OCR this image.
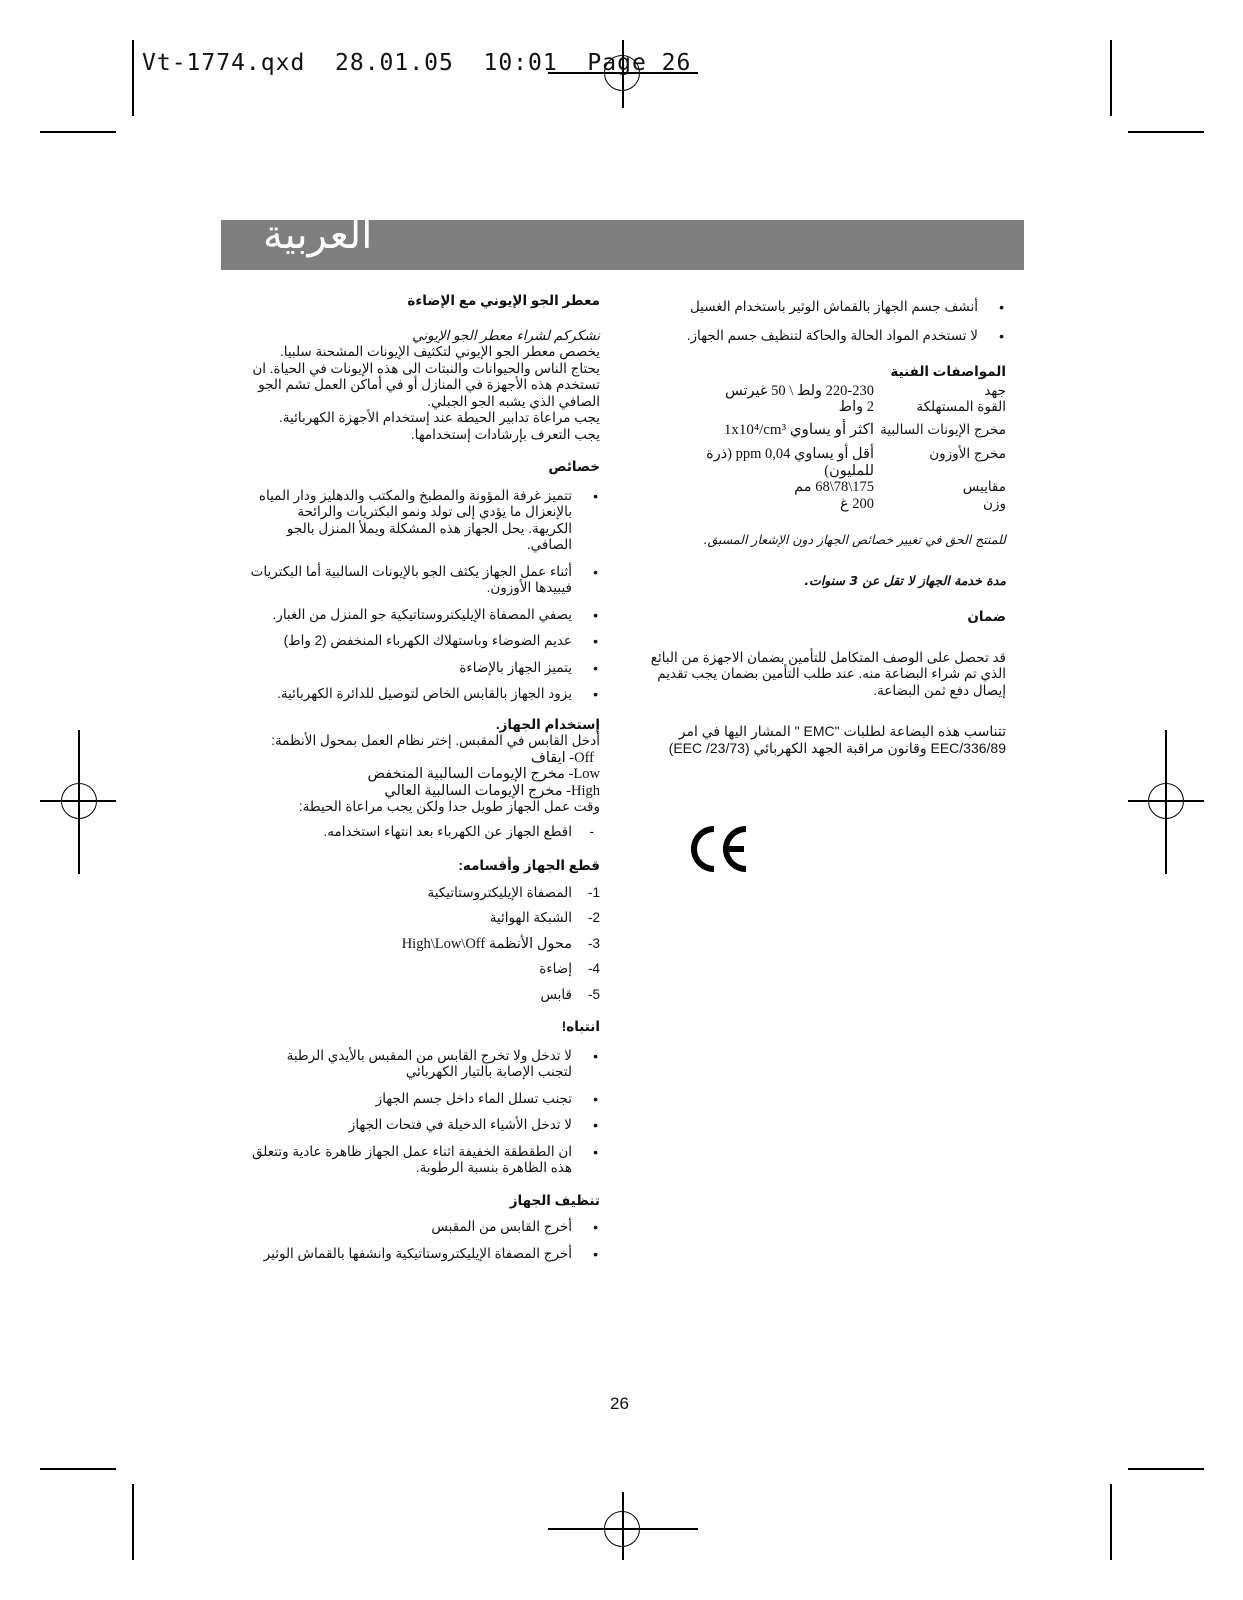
Vt-1774.qxd  28.01.05  10:01  Page 26
العربية
معطر الجو الإيوني مع الإضاءة
نشكركم لشراء معطر الجو الإيوني
يخصص معطر الجو الإيوني لتكثيف الإيونات المشحنة سلبيا. يحتاج الناس والحيوانات والنبتات الى هذه الإيونات في الحياة. ان تستخدم هذه الأجهزة في المنازل أو في أماكن العمل تشم الجو الصافي الذي يشبه الجو الجبلي.
يجب مراعاة تدابير الحيطة عند إستخدام الأجهزة الكهربائية. يجب التعرف بإرشادات إستخدامها.
خصائص
• تتميز غرفة المؤونة والمطبخ والمكتب والدهليز ودار المياه بالإنعزال ما يؤدي إلى تولد ونمو البكتريات والرائحة الكريهة. يحل الجهاز هذه المشكلة ويملأ المنزل بالجو الصافي.
• أثناء عمل الجهاز يكثف الجو بالإيونات السالبية أما البكتريات فيبيدها الأوزون.
• يصفي المصفاة الإيليكتروستاتيكية جو المنزل من الغبار.
• عديم الضوضاء وباستهلاك الكهرباء المنخفض (2 واط)
• يتميز الجهاز بالإضاءة
• يزود الجهاز بالقابس الخاص لتوصيل للدائرة الكهربائية.
إستخدام الجهاز.
أدخل القابس في المقبس. إختر نظام العمل بمحول الأنظمة:
Off- ايقاف
Low- مخرج الإيومات السالبية المنخفض
High- مخرج الإيومات السالبية العالي
وقت عمل الجهاز طويل جدا ولكن يجب مراعاة الحيطة:
- اقطع الجهاز عن الكهرباء بعد انتهاء استخدامه.
قطع الجهاز وأقسامه:
-1
المصفاة الإيليكتروستاتيكية
-2
الشبكة الهوائية
-3
محول الأنظمة High\Low\Off
-4
إضاءة
-5
قابس
انتباه!
• لا تدخل ولا تخرج القابس من المقبس بالأيدي الرطبة لتجنب الإصابة بالتيار الكهربائي
• تجنب تسلل الماء داخل جسم الجهاز
• لا تدخل الأشياء الدخيلة في فتحات الجهاز
• ان الطقطقة الخفيفة اثناء عمل الجهاز ظاهرة عادية وتتعلق هذه الظاهرة بنسبة الرطوبة.
تنظيف الجهاز
• أخرج القابس من المقبس
• أخرج المصفاة الإيليكتروستاتيكية وانشفها بالقماش الوثير
• أنشف جسم الجهاز بالقماش الوثير باستخدام الغسيل
• لا تستخدم المواد الحالة والحاكة لتنظيف جسم الجهاز.
المواصفات الفنية
جهد
220-230 ولط \ 50 غيرتس
القوة المستهلكة
2 واط
مخرج الإيونات السالبية
اكثر أو يساوي 1x10⁴/cm³
مخرج الأوزون
أقل أو يساوي 0,04 ppm (ذرة للمليون)
مقاييس
175\78\68 مم
وزن
200 غ
للمنتج الحق في تغيير خصائص الجهاز دون الإشعار المسبق.
مدة خدمة الجهاز لا تقل عن 3 سنوات.
ضمان
قد تحصل على الوصف المتكامل للتأمين بضمان الاجهزة من البائع الذي تم شراء البضاعة منه. عند طلب التأمين بضمان يجب تقديم إيصال دفع ثمن البضاعة.
تتناسب هذه البضاعة لطلبات "EMC " المشار اليها في امر EEC/336/89 وقانون مراقبة الجهد الكهربائي (23/73/ EEC)
26
